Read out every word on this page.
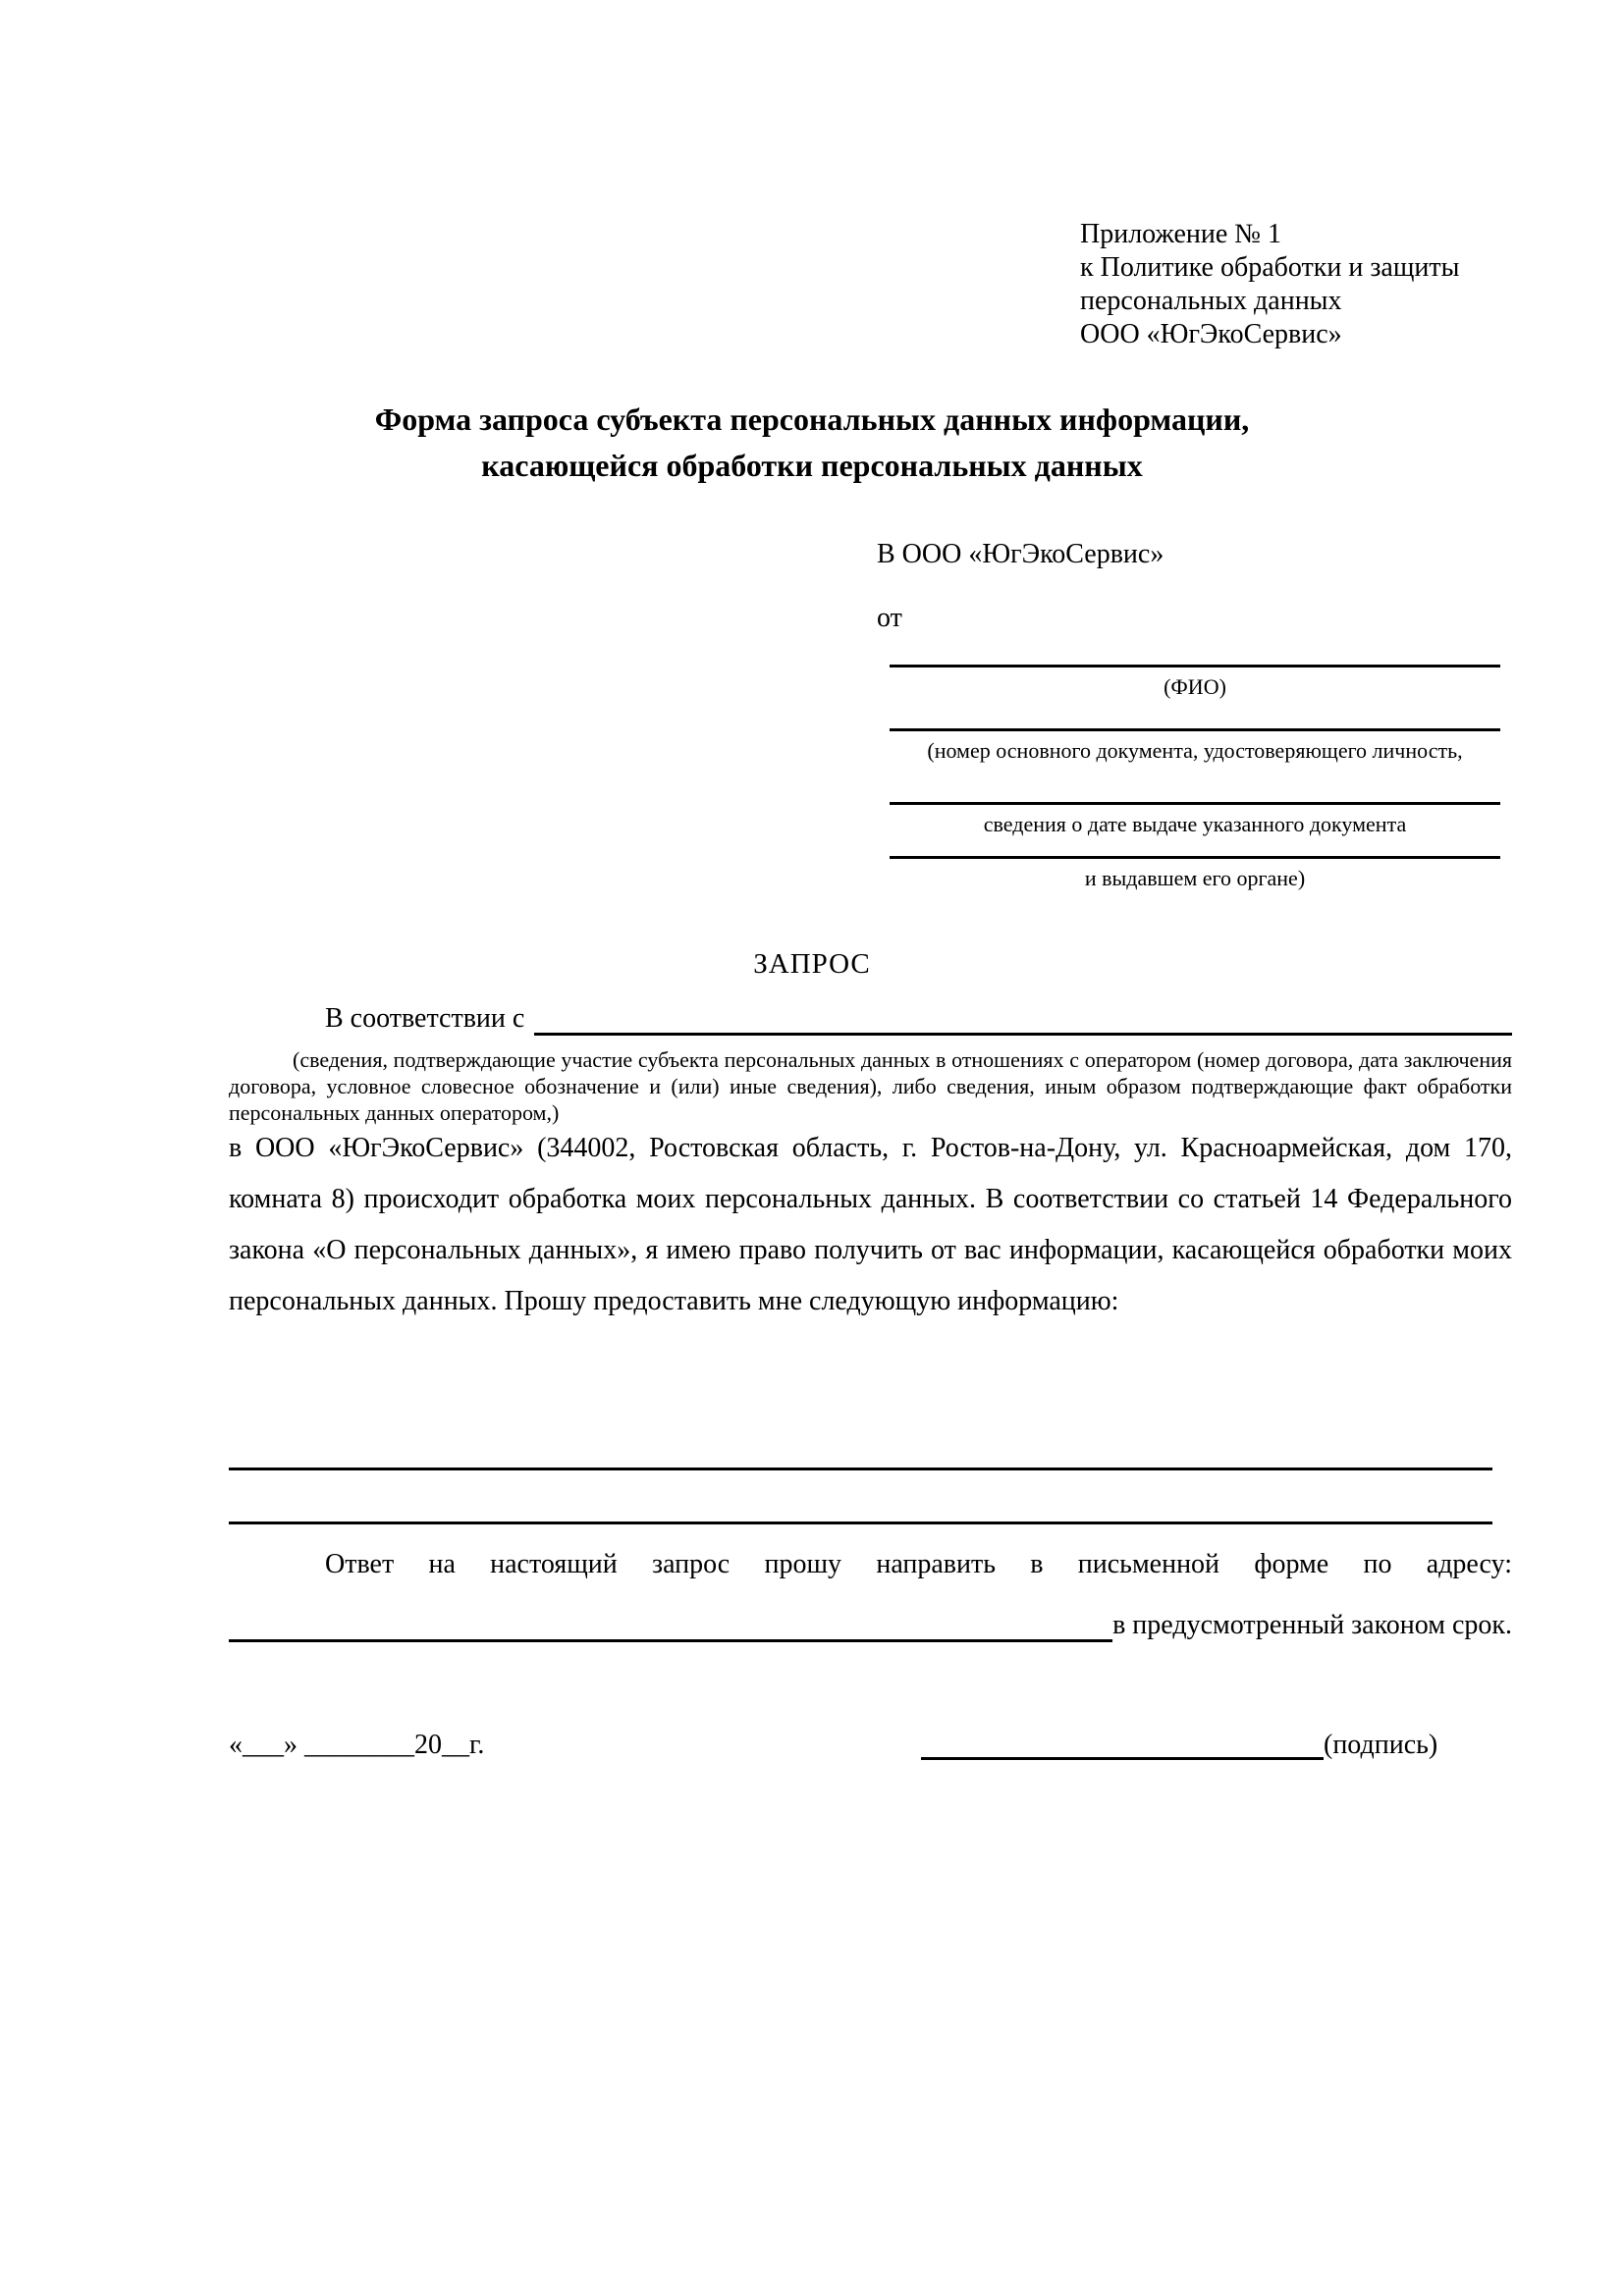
Приложение № 1
к Политике обработки и защиты
персональных данных
ООО «ЮгЭкоСервис»
Форма запроса субъекта персональных данных информации,
касающейся обработки персональных данных
В ООО «ЮгЭкоСервис»
от
(ФИО)
(номер основного документа, удостоверяющего личность,
сведения о дате выдаче указанного документа
и выдавшем его органе)
ЗАПРОС
В соответствии с
(сведения, подтверждающие участие субъекта персональных данных в отношениях с оператором (номер договора, дата заключения договора, условное словесное обозначение и (или) иные сведения), либо сведения, иным образом подтверждающие факт обработки персональных данных оператором,)
в ООО «ЮгЭкоСервис» (344002, Ростовская область, г. Ростов-на-Дону, ул. Красноармейская, дом 170, комната 8) происходит обработка моих персональных данных. В соответствии со статьей 14 Федерального закона «О персональных данных», я имею право получить от вас информации, касающейся обработки моих персональных данных. Прошу предоставить мне следующую информацию:
Ответ на настоящий запрос прошу направить в письменной форме по адресу:
в предусмотренный законом срок.
«___» ________20__г.	(подпись)
